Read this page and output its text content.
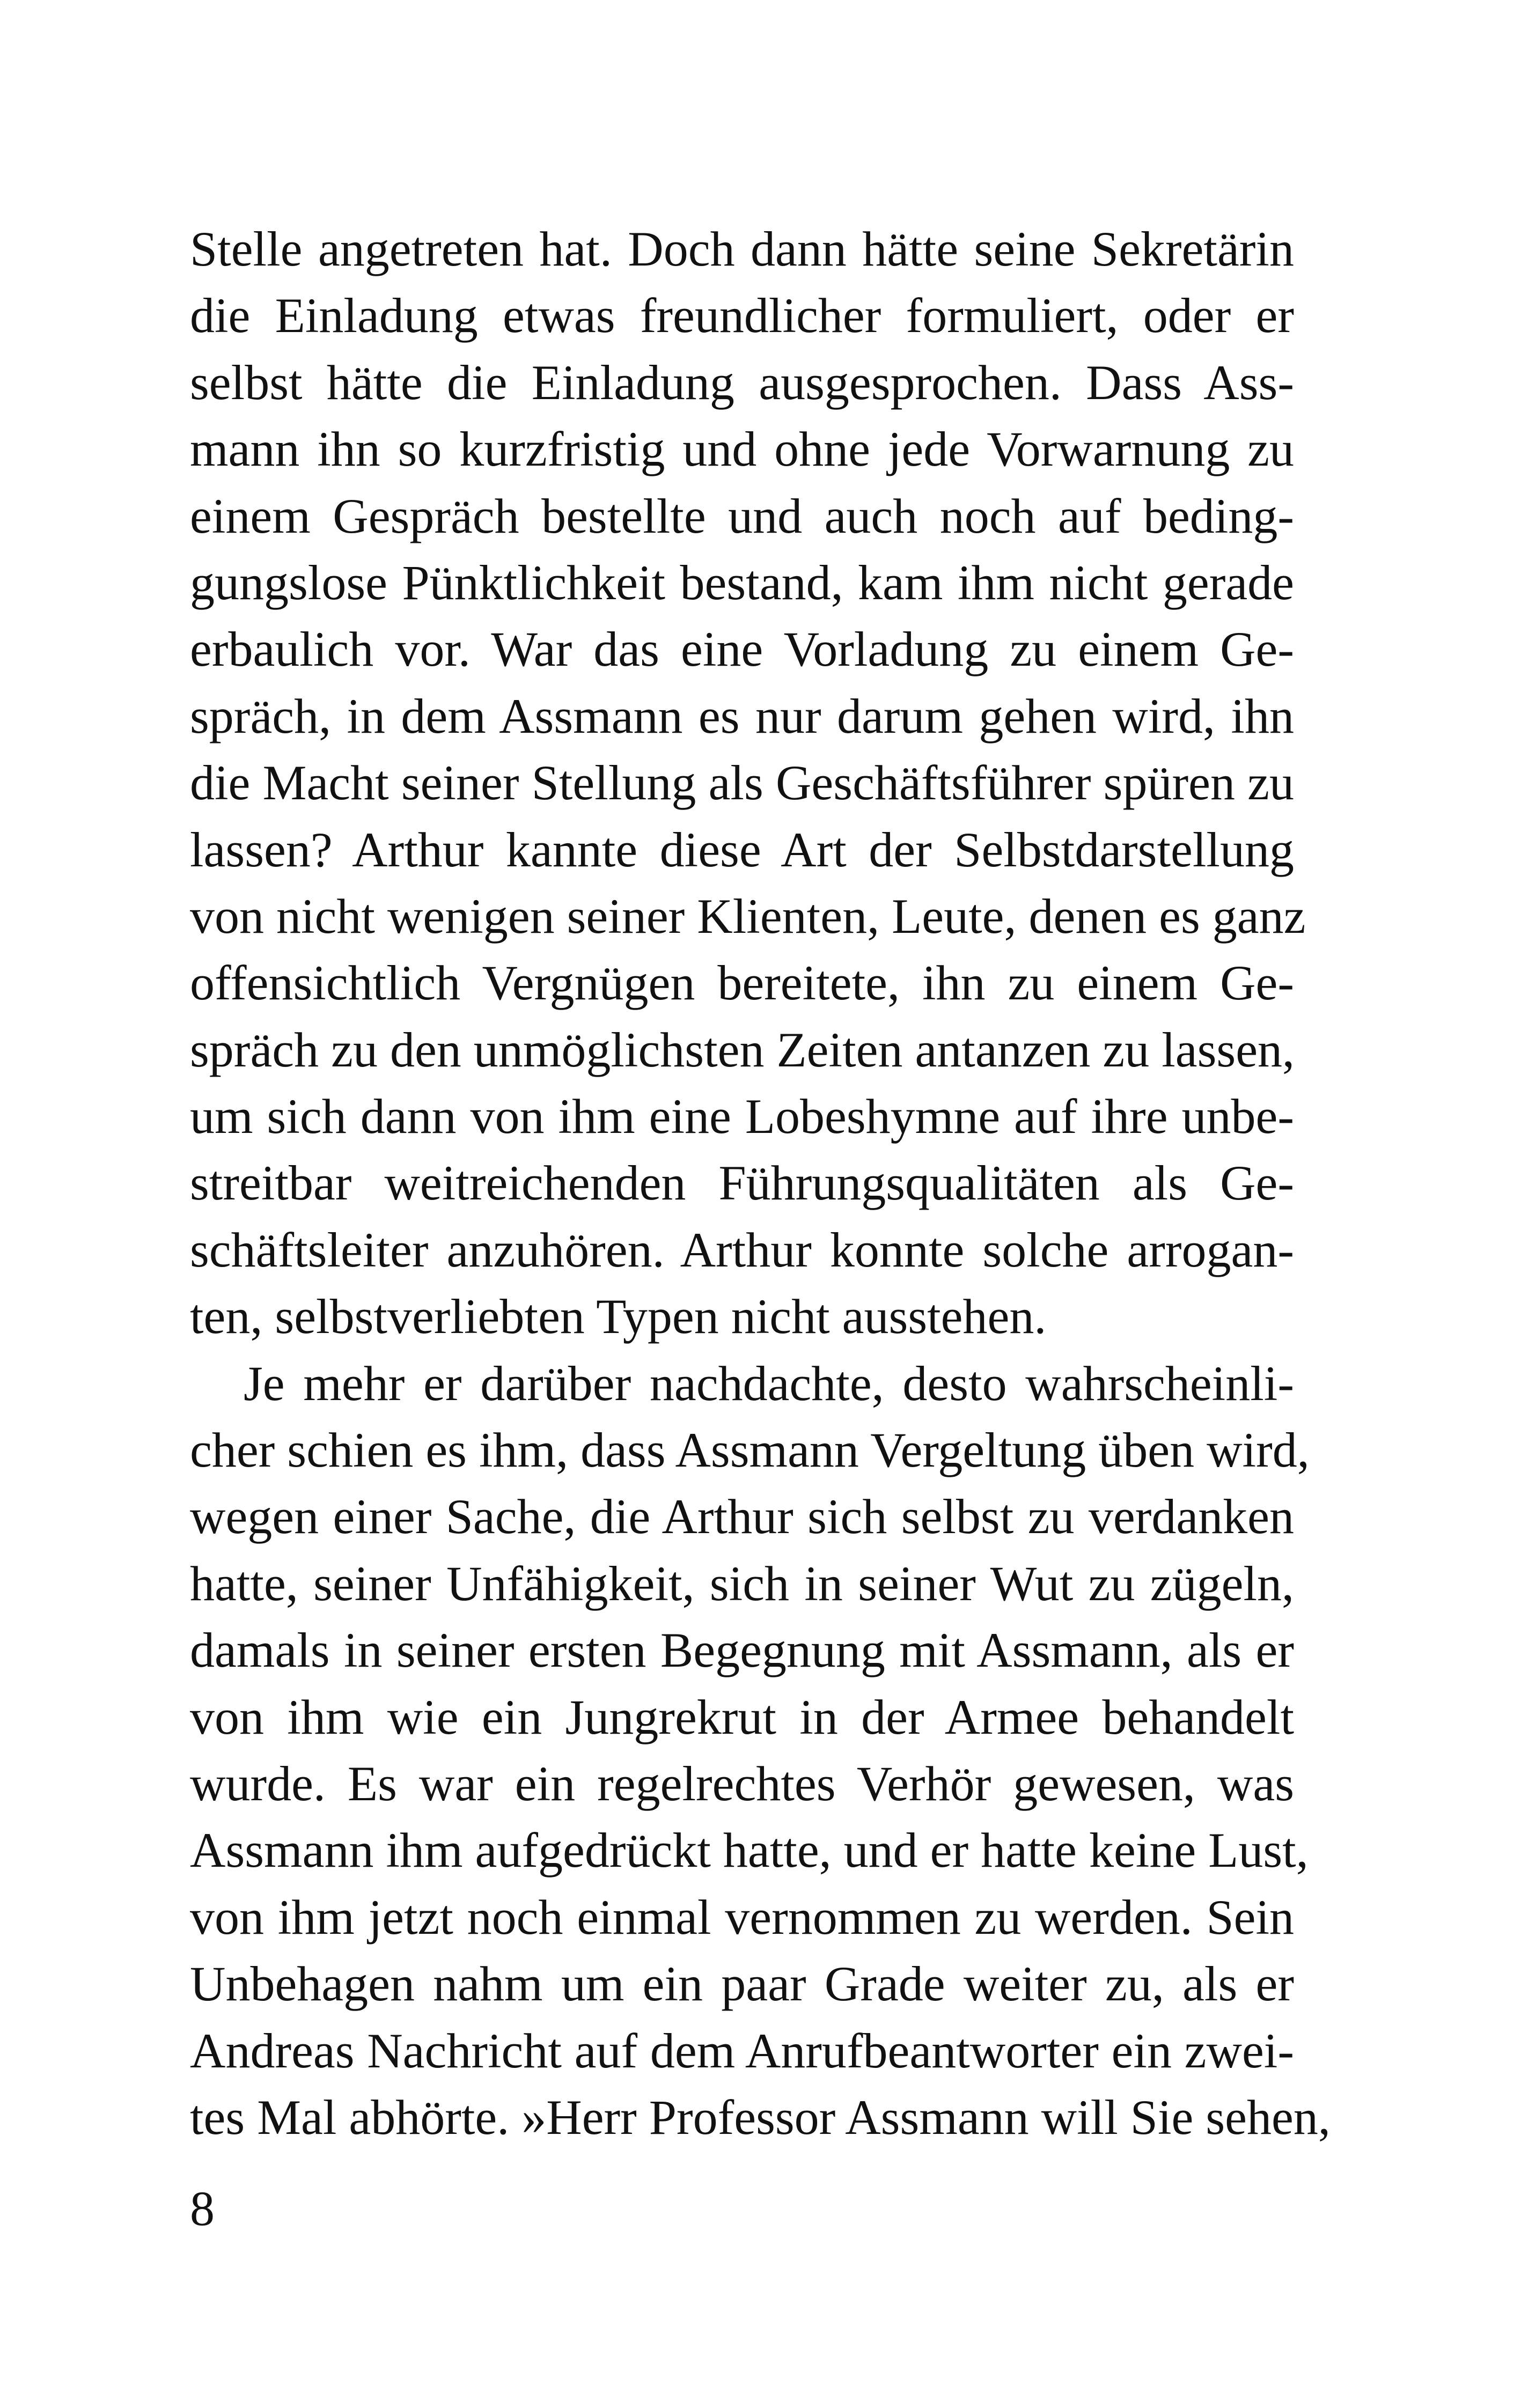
Stelle angetreten hat. Doch dann hätte seine Sekretärin
die Einladung etwas freundlicher formuliert, oder er
selbst hätte die Einladung ausgesprochen. Dass Ass-
mann ihn so kurzfristig und ohne jede Vorwarnung zu
einem Gespräch bestellte und auch noch auf beding-
gungslose Pünktlichkeit bestand, kam ihm nicht gerade
erbaulich vor. War das eine Vorladung zu einem Ge-
spräch, in dem Assmann es nur darum gehen wird, ihn
die Macht seiner Stellung als Geschäftsführer spüren zu
lassen? Arthur kannte diese Art der Selbstdarstellung
von nicht wenigen seiner Klienten, Leute, denen es ganz
offensichtlich Vergnügen bereitete, ihn zu einem Ge-
spräch zu den unmöglichsten Zeiten antanzen zu lassen,
um sich dann von ihm eine Lobeshymne auf ihre unbe-
streitbar weitreichenden Führungsqualitäten als Ge-
schäftsleiter anzuhören. Arthur konnte solche arrogan-
ten, selbstverliebten Typen nicht ausstehen.
Je mehr er darüber nachdachte, desto wahrscheinli-
cher schien es ihm, dass Assmann Vergeltung üben wird,
wegen einer Sache, die Arthur sich selbst zu verdanken
hatte, seiner Unfähigkeit, sich in seiner Wut zu zügeln,
damals in seiner ersten Begegnung mit Assmann, als er
von ihm wie ein Jungrekrut in der Armee behandelt
wurde. Es war ein regelrechtes Verhör gewesen, was
Assmann ihm aufgedrückt hatte, und er hatte keine Lust,
von ihm jetzt noch einmal vernommen zu werden. Sein
Unbehagen nahm um ein paar Grade weiter zu, als er
Andreas Nachricht auf dem Anrufbeantworter ein zwei-
tes Mal abhörte. »Herr Professor Assmann will Sie sehen,
8
